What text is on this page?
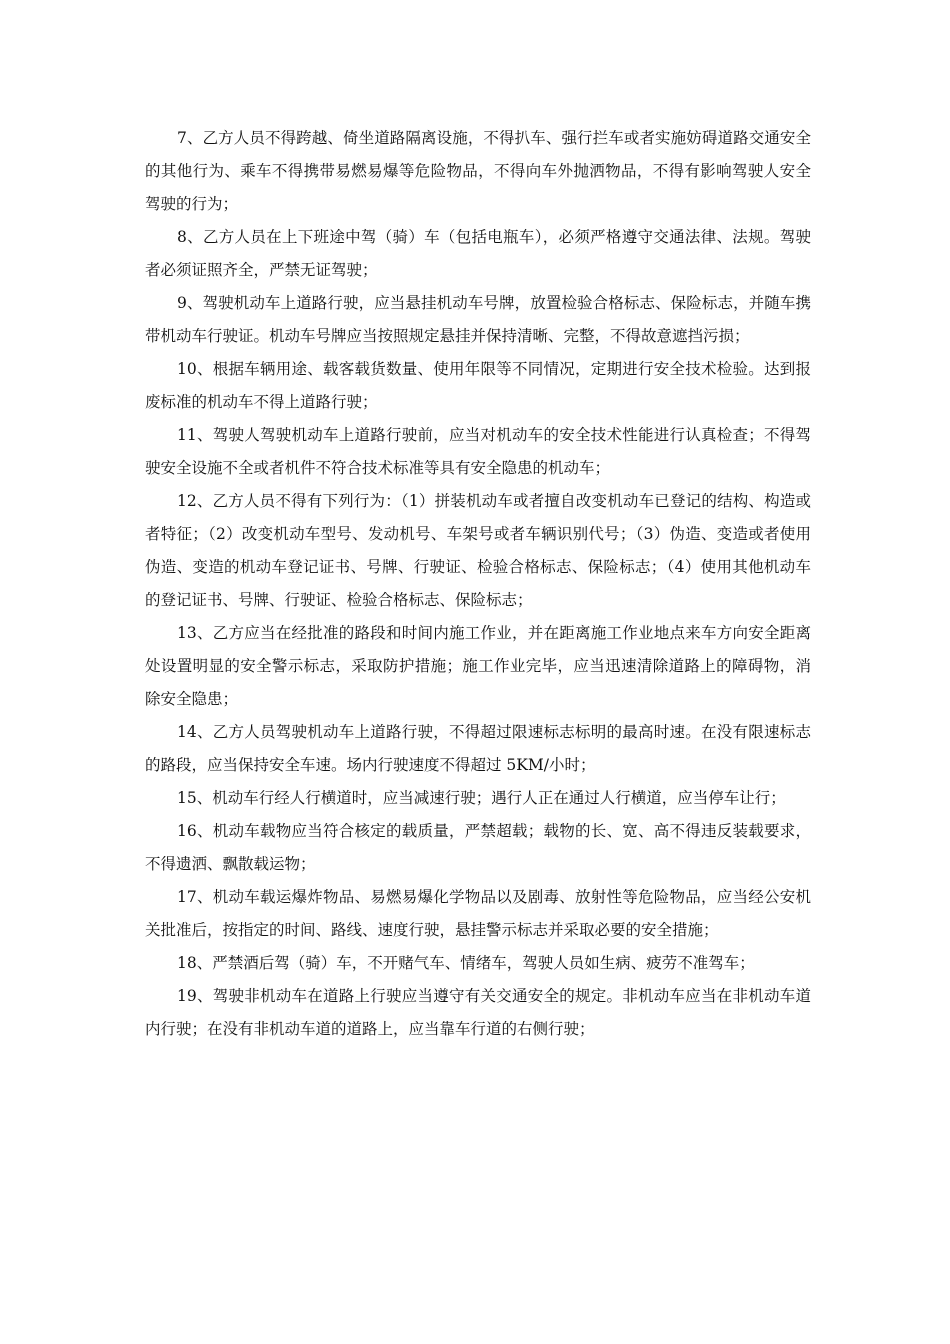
7、乙方人员不得跨越、倚坐道路隔离设施，不得扒车、强行拦车或者实施妨碍道路交通安全的其他行为、乘车不得携带易燃易爆等危险物品，不得向车外抛洒物品，不得有影响驾驶人安全驾驶的行为；

8、乙方人员在上下班途中驾（骑）车（包括电瓶车），必须严格遵守交通法律、法规。驾驶者必须证照齐全，严禁无证驾驶；

9、驾驶机动车上道路行驶，应当悬挂机动车号牌，放置检验合格标志、保险标志，并随车携带机动车行驶证。机动车号牌应当按照规定悬挂并保持清晰、完整，不得故意遮挡污损；

10、根据车辆用途、载客载货数量、使用年限等不同情况，定期进行安全技术检验。达到报废标准的机动车不得上道路行驶；

11、驾驶人驾驶机动车上道路行驶前，应当对机动车的安全技术性能进行认真检查；不得驾驶安全设施不全或者机件不符合技术标准等具有安全隐患的机动车；

12、乙方人员不得有下列行为：（1）拼装机动车或者擅自改变机动车已登记的结构、构造或者特征；（2）改变机动车型号、发动机号、车架号或者车辆识别代号；（3）伪造、变造或者使用伪造、变造的机动车登记证书、号牌、行驶证、检验合格标志、保险标志；（4）使用其他机动车的登记证书、号牌、行驶证、检验合格标志、保险标志；

13、乙方应当在经批准的路段和时间内施工作业，并在距离施工作业地点来车方向安全距离处设置明显的安全警示标志，采取防护措施；施工作业完毕，应当迅速清除道路上的障碍物，消除安全隐患；

14、乙方人员驾驶机动车上道路行驶，不得超过限速标志标明的最高时速。在没有限速标志的路段，应当保持安全车速。场内行驶速度不得超过 5KM/小时；

15、机动车行经人行横道时，应当减速行驶；遇行人正在通过人行横道，应当停车让行；

16、机动车载物应当符合核定的载质量，严禁超载；载物的长、宽、高不得违反装载要求，不得遗洒、飘散载运物；

17、机动车载运爆炸物品、易燃易爆化学物品以及剧毒、放射性等危险物品，应当经公安机关批准后，按指定的时间、路线、速度行驶，悬挂警示标志并采取必要的安全措施；

18、严禁酒后驾（骑）车，不开赌气车、情绪车，驾驶人员如生病、疲劳不准驾车；

19、驾驶非机动车在道路上行驶应当遵守有关交通安全的规定。非机动车应当在非机动车道内行驶；在没有非机动车道的道路上，应当靠车行道的右侧行驶；
